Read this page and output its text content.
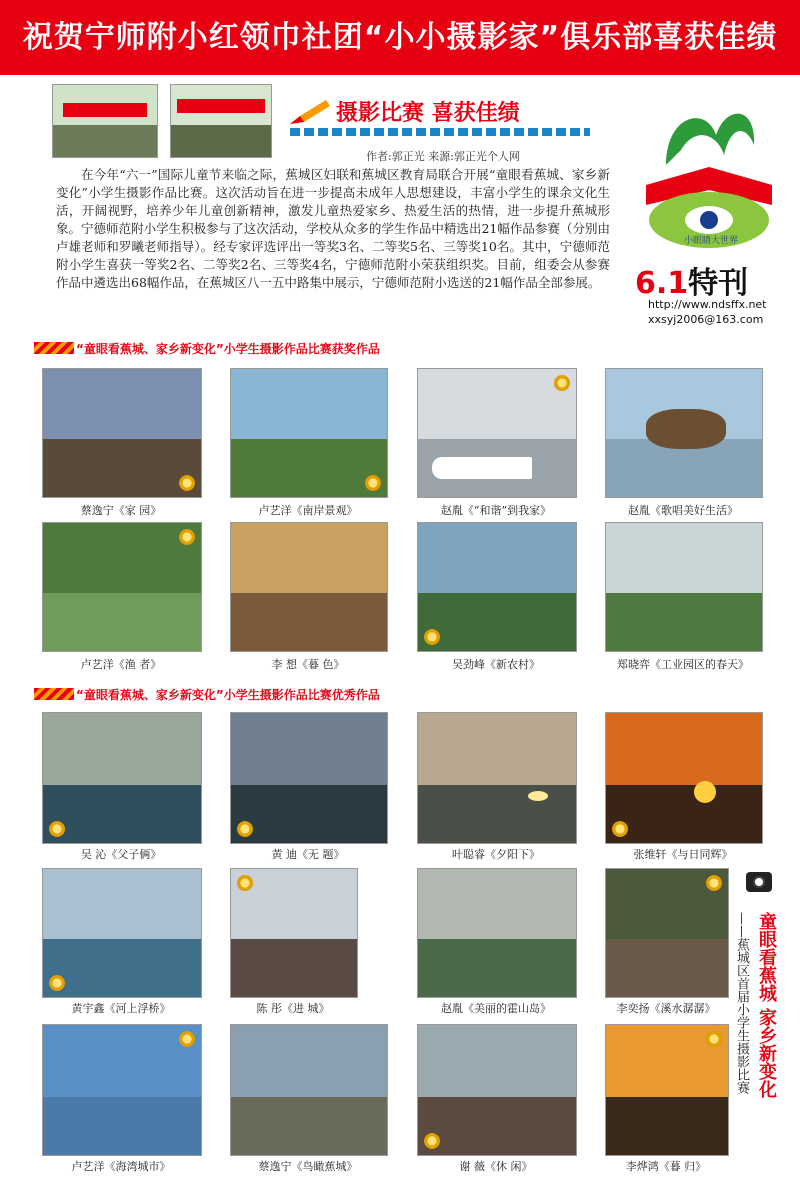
祝贺宁师附小红领巾社团“小小摄影家”俱乐部喜获佳绩
摄影比赛 喜获佳绩
作者:郭正光 来源:郭正光个人网

在今年“六一”国际儿童节来临之际，蕉城区妇联和蕉城区教育局联合开展“童眼看蕉城、家乡新变化”小学生摄影作品比赛。这次活动旨在进一步提高未成年人思想建设，丰富小学生的课余文化生活，开阔视野，培养少年儿童创新精神，激发儿童热爱家乡、热爱生活的热情，进一步提升蕉城形象。宁德师范附小学生积极参与了这次活动，学校从众多的学生作品中精选出21幅作品参赛（分别由卢雄老师和罗曦老师指导）。经专家评选评出一等奖3名、二等奖5名、三等奖10名。其中，宁德师范附小学生喜获一等奖2名、二等奖2名、三等奖4名，宁德师范附小荣获组织奖。目前，组委会从参赛作品中遴选出68幅作品，在蕉城区八一五中路集中展示，宁德师范附小选送的21幅作品全部参展。

小眼睛大世界
6.1特刊
http://www.ndsffx.net
xxsyj2006@163.com
“童眼看蕉城、家乡新变化”小学生摄影作品比赛获奖作品
蔡逸宁《家 园》	卢艺洋《南岸景观》	赵胤《“和谐”到我家》	赵胤《歌唱美好生活》
卢艺洋《渔 者》	李 想《暮 色》	吴劲峰《新农村》	郑晓弈《工业园区的春天》
“童眼看蕉城、家乡新变化”小学生摄影作品比赛优秀作品
吴 沁《父子俩》	黄 迪《无 题》	叶聪睿《夕阳下》	张维轩《与日同辉》
黄宇鑫《河上浮桥》	陈 彤《进 城》	赵胤《美丽的霍山岛》	李奕扬《溪水潺潺》
卢艺洋《海湾城市》	蔡逸宁《鸟瞰蕉城》	谢 薇《休 闲》	李烨鸿《暮 归》
童眼看蕉城 家乡新变化
——蕉城区首届小学生摄影比赛
